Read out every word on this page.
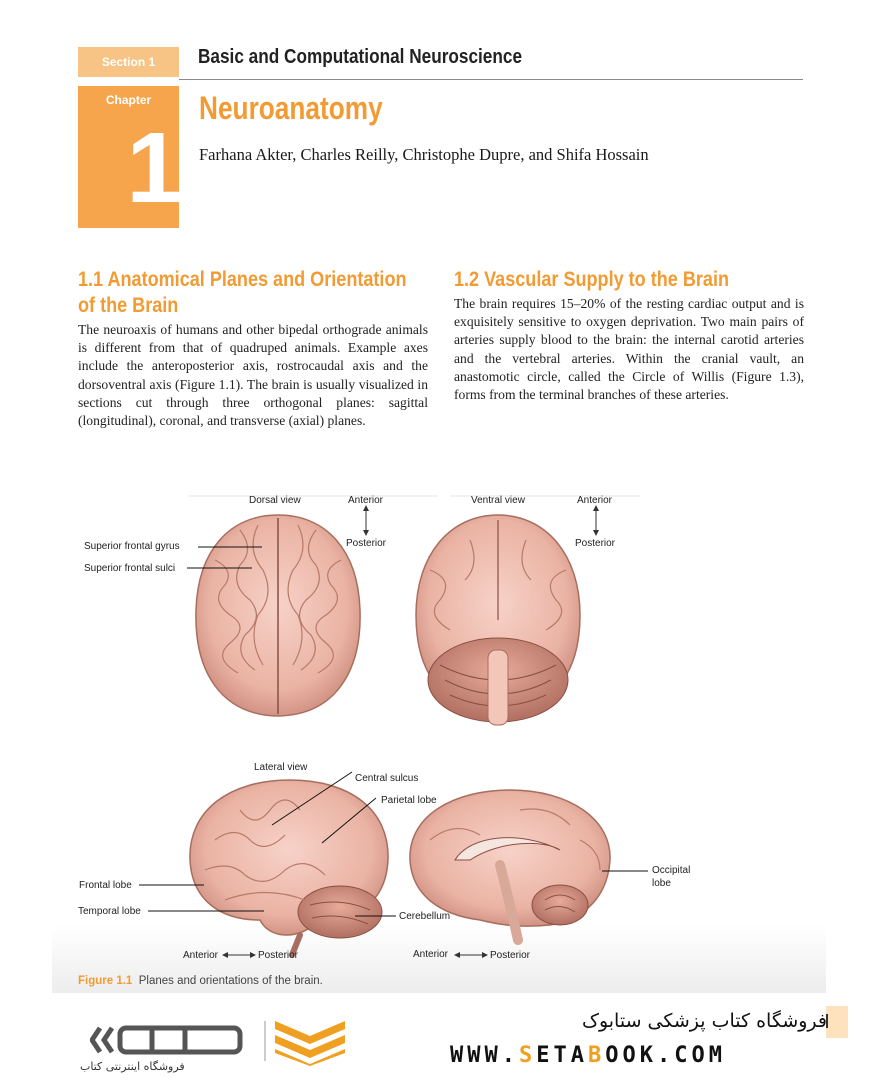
Section 1 Basic and Computational Neuroscience
Chapter
1
Neuroanatomy
Farhana Akter, Charles Reilly, Christophe Dupre, and Shifa Hossain
1.1 Anatomical Planes and Orientation
of the Brain
The neuroaxis of humans and other bipedal orthograde animals is different from that of quadruped animals. Example axes include the anteroposterior axis, rostrocaudal axis and the dorsoventral axis (Figure 1.1). The brain is usually visualized in sections cut through three orthogonal planes: sagittal (longitudinal), coronal, and transverse (axial) planes.
1.2 Vascular Supply to the Brain
The brain requires 15–20% of the resting cardiac output and is exquisitely sensitive to oxygen deprivation. Two main pairs of arteries supply blood to the brain: the internal carotid arteries and the vertebral arteries. Within the cranial vault, an anastomotic circle, called the Circle of Willis (Figure 1.3), forms from the terminal branches of these arteries.
Dorsal view	Anterior
Posterior
Superior frontal gyrus
Superior frontal sulci
Ventral view	Anterior
Posterior
Lateral view
Central sulcus
Parietal lobe
Frontal lobe
Temporal lobe	Cerebellum
Occipital
lobe
Anterior	Posterior	Anterior	Posterior
Figure 1.1 Planes and orientations of the brain.
فروشگاه اینترنتی کتاب
فروشگاه کتاب پزشکی ستابوک
WWW.SETABOOK.COM
